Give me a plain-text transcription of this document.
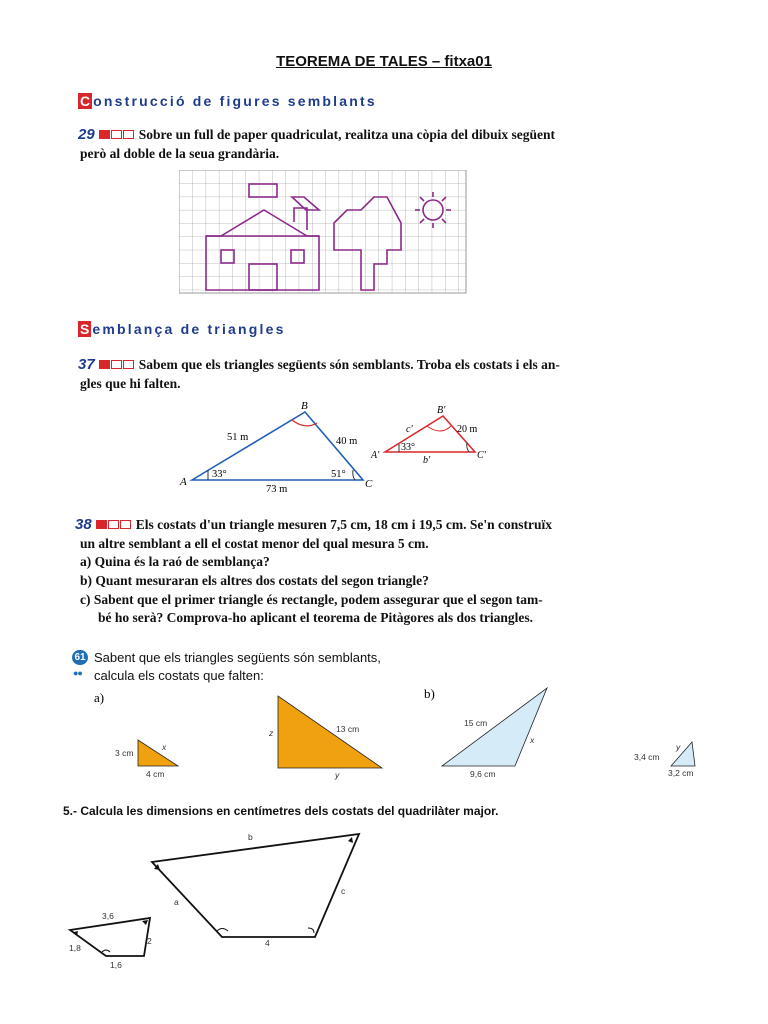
TEOREMA DE TALES – fitxa01
C onstrucció de figures semblants
29	Sobre un full de paper quadriculat, realitza una còpia del dibuix següent
però al doble de la seua grandària.
S emblança de triangles
37	Sabem que els triangles següents són semblants. Troba els costats i els an-
gles que hi falten.
A
B
C
51 m	40 m
73 m
33°	51°
A'
B'
C'
c'	20 m
b'
33°
38	Els costats d'un triangle mesuren 7,5 cm, 18 cm i 19,5 cm. Se'n construïx
un altre semblant a ell el costat menor del qual mesura 5 cm.
a) Quina és la raó de semblança?
b) Quant mesuraran els altres dos costats del segon triangle?
c) Sabent que el primer triangle és rectangle, podem assegurar que el segon tam-
bé ho serà? Comprova-ho aplicant el teorema de Pitàgores als dos triangles.
61
●●
Sabent que els triangles següents són semblants,
calcula els costats que falten:
a)
3 cm
4 cm
x
z	13 cm
y
b)
15 cm
x
9,6 cm
3,4 cm
y
3,2 cm
5.- Calcula les dimensions en centímetres dels costats del quadrilàter major.
b
a
c
4
3,6
1,8
1,6
2
